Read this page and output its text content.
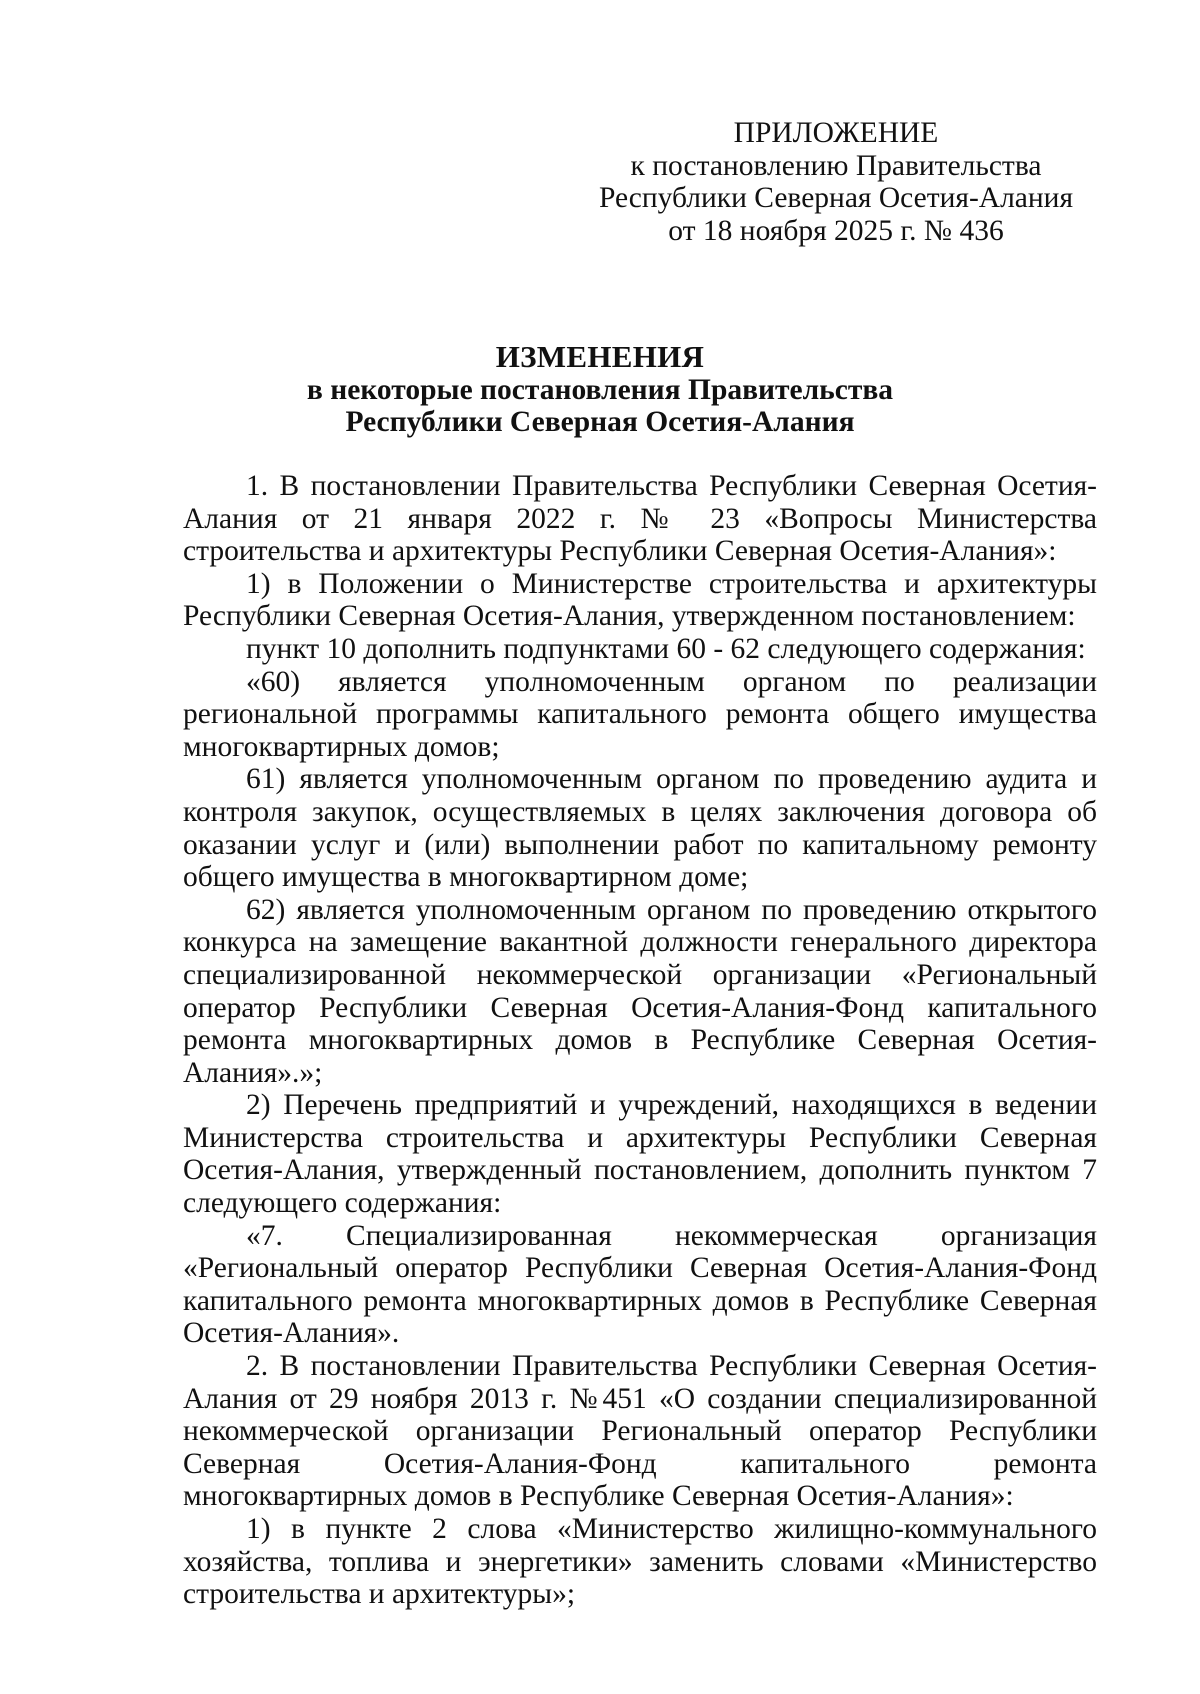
ПРИЛОЖЕНИЕ
к постановлению Правительства
Республики Северная Осетия-Алания
от 18 ноября 2025 г. № 436
ИЗМЕНЕНИЯ
в некоторые постановления Правительства
Республики Северная Осетия-Алания

1. В постановлении Правительства Республики Северная Осетия-Алания от 21 января 2022 г. № 23 «Вопросы Министерства строительства и архитектуры Республики Северная Осетия-Алания»:

1) в Положении о Министерстве строительства и архитектуры Республики Северная Осетия-Алания, утвержденном постановлением:

пункт 10 дополнить подпунктами 60 - 62 следующего содержания:

«60) является уполномоченным органом по реализации региональной программы капитального ремонта общего имущества многоквартирных домов;

61) является уполномоченным органом по проведению аудита и контроля закупок, осуществляемых в целях заключения договора об оказании услуг и (или) выполнении работ по капитальному ремонту общего имущества в многоквартирном доме;

62) является уполномоченным органом по проведению открытого конкурса на замещение вакантной должности генерального директора специализированной некоммерческой организации «Региональный оператор Республики Северная Осетия-Алания-Фонд капитального ремонта многоквартирных домов в Республике Северная Осетия-Алания».»;

2) Перечень предприятий и учреждений, находящихся в ведении Министерства строительства и архитектуры Республики Северная Осетия-Алания, утвержденный постановлением, дополнить пунктом 7 следующего содержания:

«7. Специализированная некоммерческая организация «Региональный оператор Республики Северная Осетия-Алания-Фонд капитального ремонта многоквартирных домов в Республике Северная Осетия-Алания».

2. В постановлении Правительства Республики Северная Осетия-Алания от 29 ноября 2013 г. №451 «О создании специализированной некоммерческой организации Региональный оператор Республики Северная Осетия-Алания-Фонд капитального ремонта многоквартирных домов в Республике Северная Осетия-Алания»:

1) в пункте 2 слова «Министерство жилищно-коммунального хозяйства, топлива и энергетики» заменить словами «Министерство строительства и архитектуры»;
